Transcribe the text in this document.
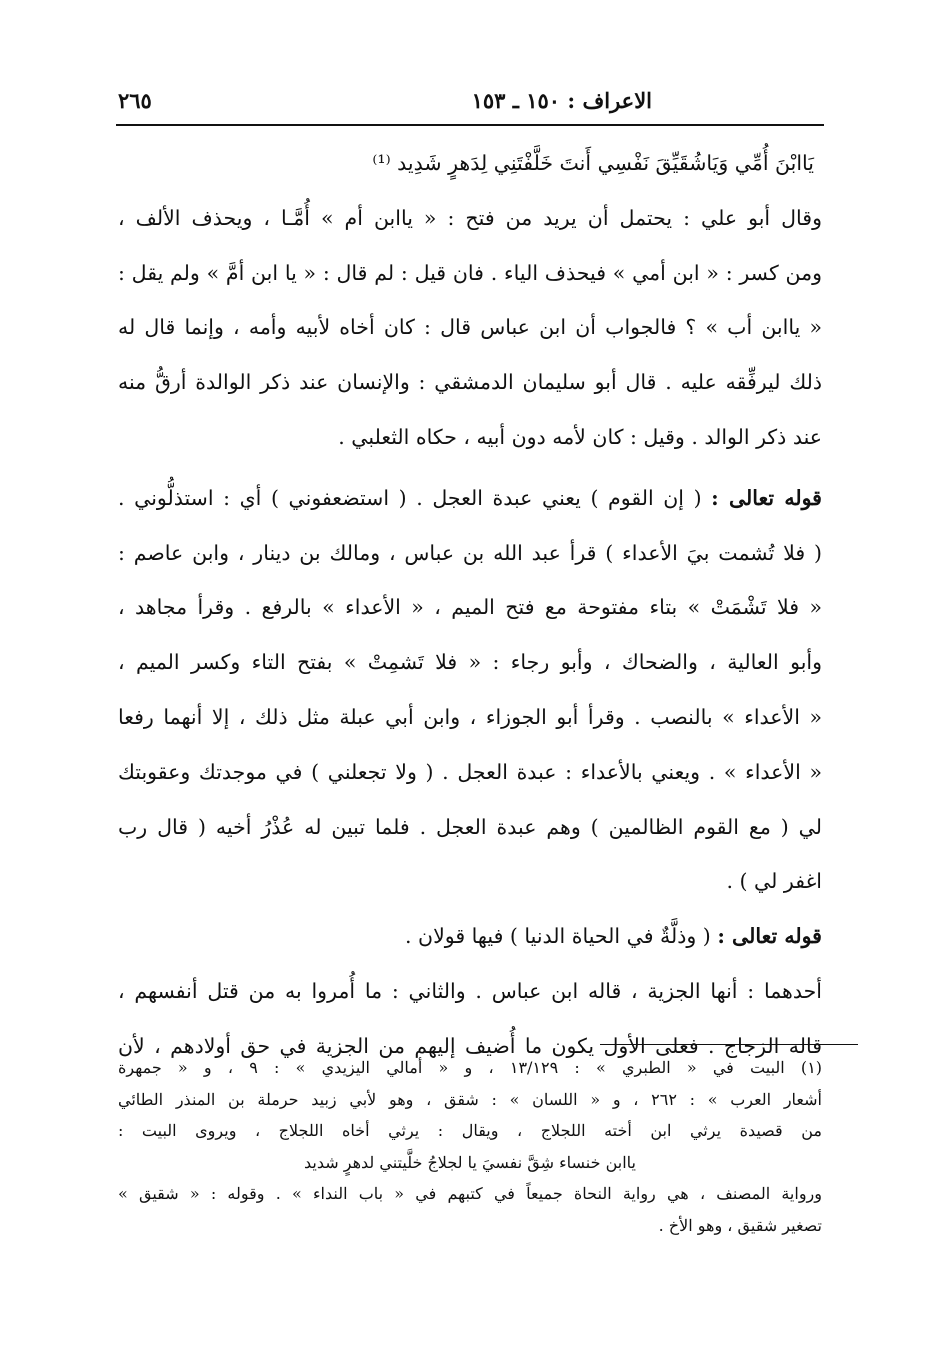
الاعراف : ١٥٠ ـ ١٥٣
٢٦٥
يَاابْنَ أُمِّي وَيَاشُقَيِّقَ نَفْسِي أَنتَ خَلَّفْتَنِي لِدَهرٍ شَدِيد ⁽¹⁾
وقال أبو علي : يحتمل أن يريد من فتح : « ياابن أم » أُمَّـا ، ويحذف الألف ،
ومن كسر : « ابن أمي » فيحذف الياء . فان قيل : لم قال : « يا ابن أمَّ » ولم يقل :
« ياابن أب » ؟ فالجواب أن ابن عباس قال : كان أخاه لأبيه وأمه ، وإنما قال له
ذلك ليرفِّقه عليه . قال أبو سليمان الدمشقي : والإنسان عند ذكر الوالدة أرقُّ منه
عند ذكر الوالد . وقيل : كان لأمه دون أبيه ، حكاه الثعلبي .
قوله تعالى : ( إن القوم ) يعني عبدة العجل . ( استضعفوني ) أي : استذلُّوني .
( فلا تُشمت بيَ الأعداء ) قرأ عبد الله بن عباس ، ومالك بن دينار ، وابن عاصم :
« فلا تَشْمَتْ » بتاء مفتوحة مع فتح الميم ، « الأعداء » بالرفع . وقرأ مجاهد ،
وأبو العالية ، والضحاك ، وأبو رجاء : « فلا تَشمِتْ » بفتح التاء وكسر الميم ،
« الأعداء » بالنصب . وقرأ أبو الجوزاء ، وابن أبي عبلة مثل ذلك ، إلا أنهما رفعا
« الأعداء » . ويعني بالأعداء : عبدة العجل . ( ولا تجعلني ) في موجدتك وعقوبتك
لي ( مع القوم الظالمين ) وهم عبدة العجل . فلما تبين له عُذْرُ أخيه ( قال رب
اغفر لي ) .
قوله تعالى : ( وذلَّةٌ في الحياة الدنيا ) فيها قولان .
أحدهما : أنها الجزية ، قاله ابن عباس . والثاني : ما أُمروا به من قتل أنفسهم ،
قاله الزجاج . فعلى الأول يكون ما أُضيف إليهم من الجزية في حق أولادهم ، لأن
(١) البيت في « الطبري » : ١٣/١٢٩ ، و « أمالي اليزيدي » : ٩ ، و « جمهرة
أشعار العرب » : ٢٦٢ ، و « اللسان » : شقق ، وهو لأبي زبيد حرملة بن المنذر الطائي
من قصيدة يرثي ابن أخته اللجلاج ، ويقال : يرثي أخاه اللجلاج ، ويروى البيت :
ياابن خنساء شِقَّ نفسيَ يا لجلاجُ خلَّيتني لدهرٍ شديد
ورواية المصنف ، هي رواية النحاة جميعاً في كتبهم في « باب النداء » . وقوله : « شقيق »
تصغير شقيق ، وهو الأخ .
